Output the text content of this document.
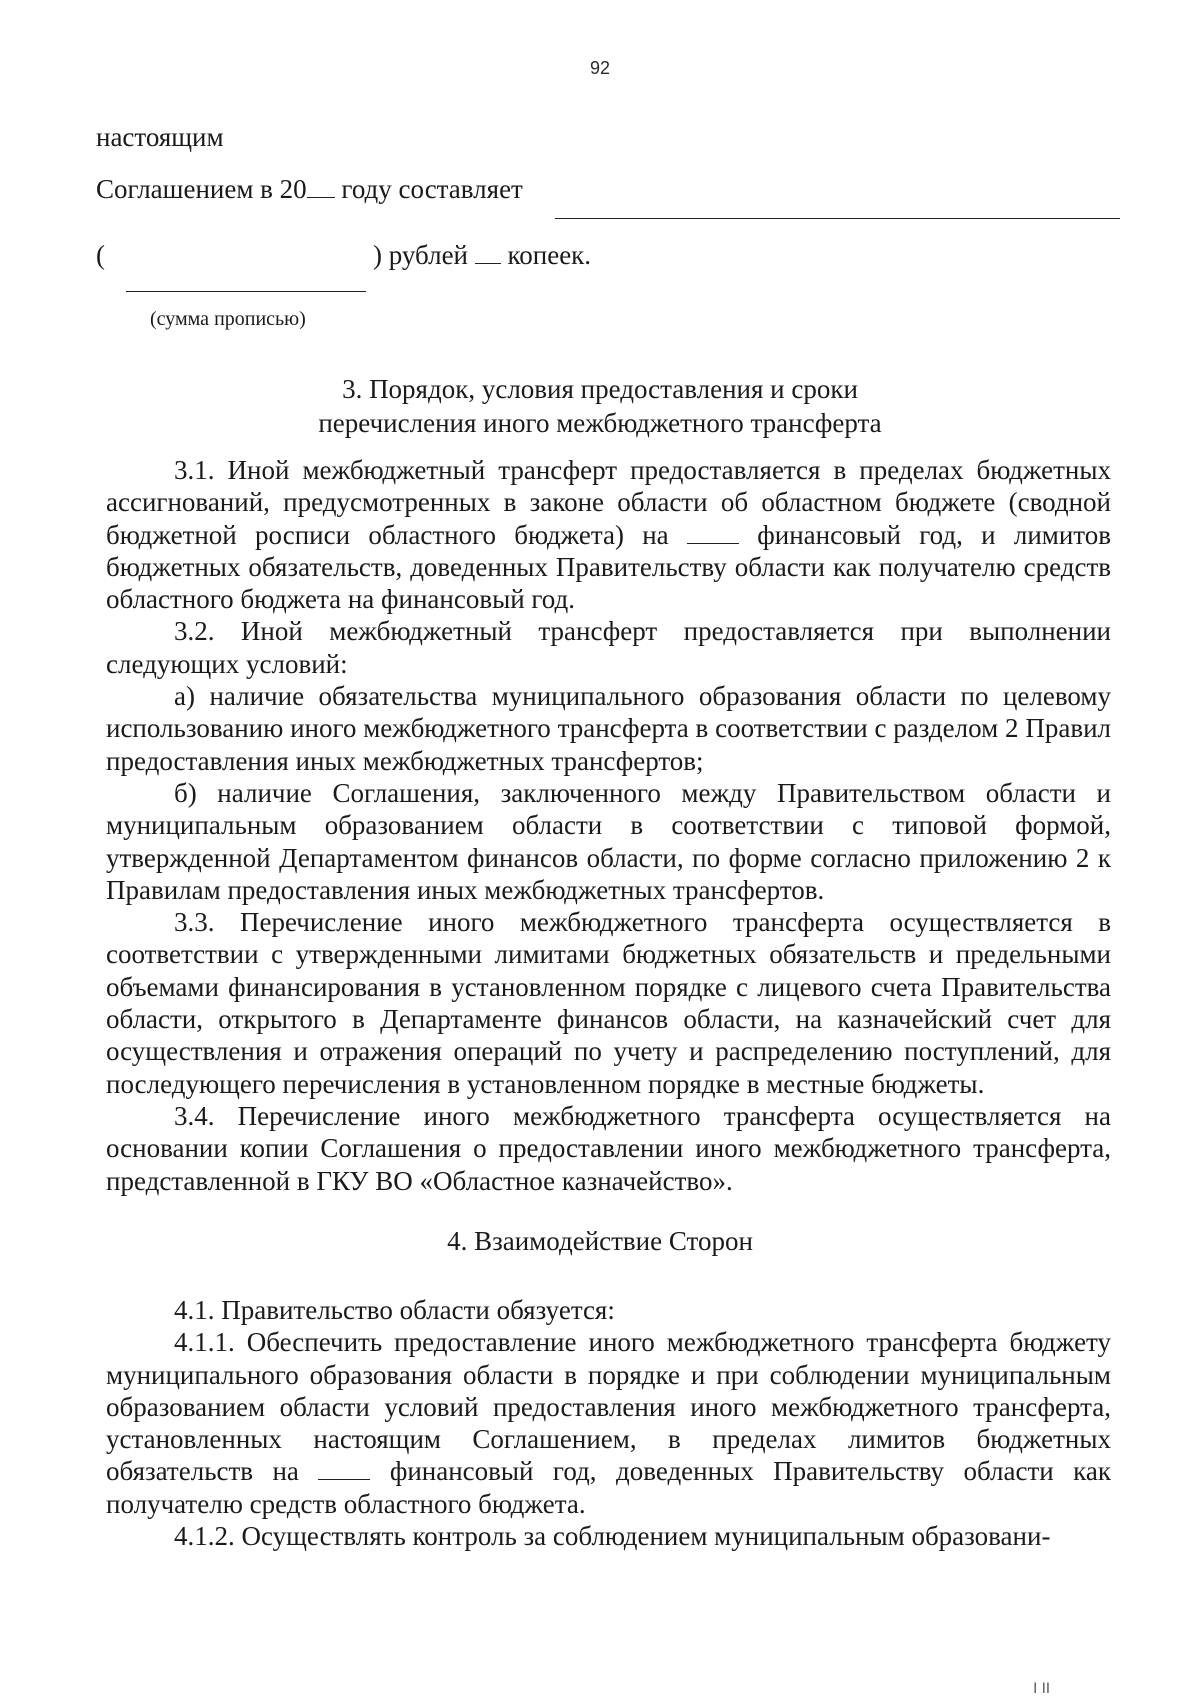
92
настоящим
Соглашением в 20 году составляет
(	) рублей  копеек.
(сумма прописью)
3. Порядок, условия предоставления и сроки
перечисления иного межбюджетного трансферта

3.1. Иной межбюджетный трансферт предоставляется в пределах бюджетных ассигнований, предусмотренных в законе области об областном бюджете (сводной бюджетной росписи областного бюджета) на  финансовый год, и лимитов бюджетных обязательств, доведенных Правительству области как получателю средств областного бюджета на финансовый год.

3.2. Иной межбюджетный трансферт предоставляется при выполнении следующих условий:

а) наличие обязательства муниципального образования области по целевому использованию иного межбюджетного трансферта в соответствии с разделом 2 Правил предоставления иных межбюджетных трансфертов;

б) наличие Соглашения, заключенного между Правительством области и муниципальным образованием области в соответствии с типовой формой, утвержденной Департаментом финансов области, по форме согласно приложению 2 к Правилам предоставления иных межбюджетных трансфертов.

3.3. Перечисление иного межбюджетного трансферта осуществляется в соответствии с утвержденными лимитами бюджетных обязательств и предельными объемами финансирования в установленном порядке с лицевого счета Правительства области, открытого в Департаменте финансов области, на казначейский счет для осуществления и отражения операций по учету и распределению поступлений, для последующего перечисления в установленном порядке в местные бюджеты.

3.4. Перечисление иного межбюджетного трансферта осуществляется на основании копии Соглашения о предоставлении иного межбюджетного трансферта, представленной в ГКУ ВО «Областное казначейство».

4. Взаимодействие Сторон

4.1. Правительство области обязуется:

4.1.1. Обеспечить предоставление иного межбюджетного трансферта бюджету муниципального образования области в порядке и при соблюдении муниципальным образованием области условий предоставления иного межбюджетного трансферта, установленных настоящим Соглашением, в пределах лимитов бюджетных обязательств на  финансовый год, доведенных Правительству области как получателю средств областного бюджета.

4.1.2. Осуществлять контроль за соблюдением муниципальным образовани-

I II
